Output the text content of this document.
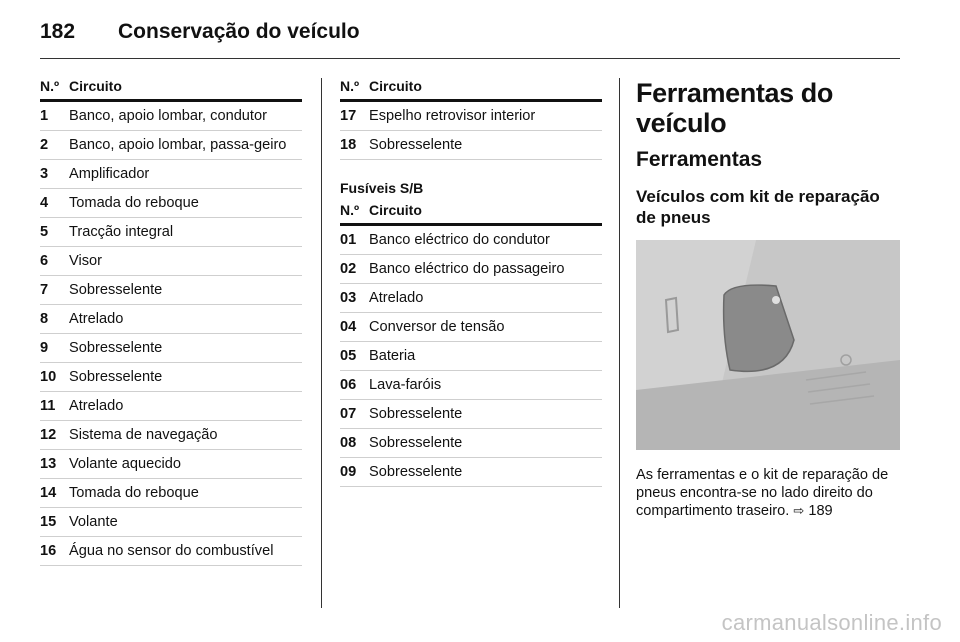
182 Conservação do veículo
N.º Circuito
1	Banco, apoio lombar, condutor
2	Banco, apoio lombar, passa-geiro
3	Amplificador
4	Tomada do reboque
5	Tracção integral
6	Visor
7	Sobresselente
8	Atrelado
9	Sobresselente
10	Sobresselente
11	Atrelado
12	Sistema de navegação
13	Volante aquecido
14	Tomada do reboque
15	Volante
16	Água no sensor do combustível
N.º Circuito
17	Espelho retrovisor interior
18	Sobresselente
Fusíveis S/B
N.º Circuito
01	Banco eléctrico do condutor
02	Banco eléctrico do passageiro
03	Atrelado
04	Conversor de tensão
05	Bateria
06	Lava-faróis
07	Sobresselente
08	Sobresselente
09	Sobresselente
Ferramentas do veículo
Ferramentas
Veículos com kit de reparação de pneus
As ferramentas e o kit de reparação de pneus encontra-se no lado direito do compartimento traseiro. ⇨ 189
carmanualsonline.info
